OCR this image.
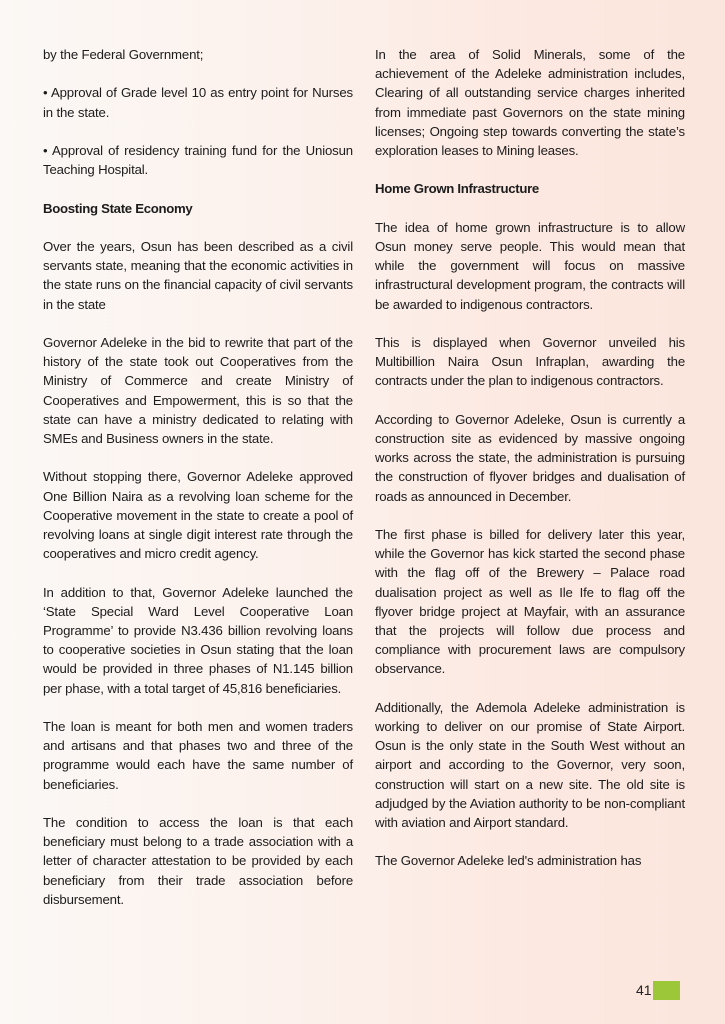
by the Federal Government;

• Approval of Grade level 10 as entry point for Nurses in the state.

• Approval of residency training fund for the Uniosun Teaching Hospital.

Boosting State Economy

Over the years, Osun has been described as a civil servants state, meaning that the economic activities in the state runs on the financial capacity of civil servants in the state

Governor Adeleke in the bid to rewrite that part of the history of the state took out Cooperatives from the Ministry of Commerce and create Ministry of Cooperatives and Empowerment, this is so that the state can have a ministry dedicated to relating with SMEs and Business owners in the state.

Without stopping there, Governor Adeleke approved One Billion Naira as a revolving loan scheme for the Cooperative movement in the state to create a pool of revolving loans at single digit interest rate through the cooperatives and micro credit agency.

In addition to that, Governor Adeleke launched the ‘State Special Ward Level Cooperative Loan Programme’ to provide N3.436 billion revolving loans to cooperative societies in Osun stating that the loan would be provided in three phases of N1.145 billion per phase, with a total target of 45,816 beneficiaries.

The loan is meant for both men and women traders and artisans and that phases two and three of the programme would each have the same number of beneficiaries.

The condition to access the loan is that each beneficiary must belong to a trade association with a letter of character attestation to be provided by each beneficiary from their trade association before disbursement.

In the area of Solid Minerals, some of the achievement of the Adeleke administration includes, Clearing of all outstanding service charges inherited from immediate past Governors on the state mining licenses; Ongoing step towards converting the state’s exploration leases to Mining leases.

Home Grown Infrastructure

The idea of home grown infrastructure is to allow Osun money serve people. This would mean that while the government will focus on massive infrastructural development program, the contracts will be awarded to indigenous contractors.

This is displayed when Governor unveiled his Multibillion Naira Osun Infraplan, awarding the contracts under the plan to indigenous contractors.

According to Governor Adeleke, Osun is currently a construction site as evidenced by massive ongoing works across the state, the administration is pursuing the construction of flyover bridges and dualisation of roads as announced in December.

The first phase is billed for delivery later this year, while the Governor has kick started the second phase with the flag off of the Brewery – Palace road dualisation project as well as Ile Ife to flag off the flyover bridge project at Mayfair, with an assurance that the projects will follow due process and compliance with procurement laws are compulsory observance.

Additionally, the Ademola Adeleke administration is working to deliver on our promise of State Airport. Osun is the only state in the South West without an airport and according to the Governor, very soon, construction will start on a new site. The old site is adjudged by the Aviation authority to be non-compliant with aviation and Airport standard.

The Governor Adeleke led's administration has

41
